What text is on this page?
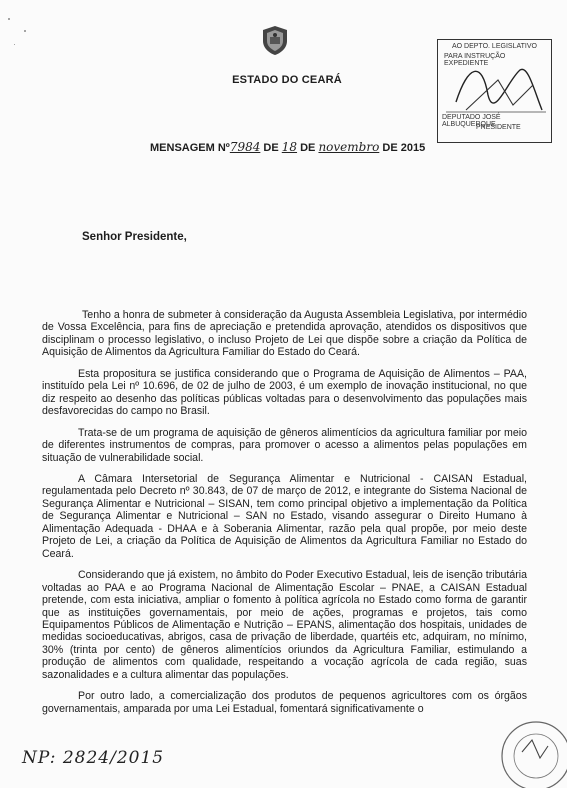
ESTADO DO CEARÁ
AO DEPTO. LEGISLATIVO
PARA INSTRUÇÃO EXPEDIENTE
DEPUTADO JOSÉ ALBUQUERQUE
PRESIDENTE
MENSAGEM Nº7984 DE 18 DE novembro DE 2015
Senhor Presidente,

Tenho a honra de submeter à consideração da Augusta Assembleia Legislativa, por intermédio de Vossa Excelência, para fins de apreciação e pretendida aprovação, atendidos os dispositivos que disciplinam o processo legislativo, o incluso Projeto de Lei que dispõe sobre a criação da Política de Aquisição de Alimentos da Agricultura Familiar do Estado do Ceará.

Esta propositura se justifica considerando que o Programa de Aquisição de Alimentos – PAA, instituído pela Lei nº 10.696, de 02 de julho de 2003, é um exemplo de inovação institucional, no que diz respeito ao desenho das políticas públicas voltadas para o desenvolvimento das populações mais desfavorecidas do campo no Brasil.

Trata-se de um programa de aquisição de gêneros alimentícios da agricultura familiar por meio de diferentes instrumentos de compras, para promover o acesso a alimentos pelas populações em situação de vulnerabilidade social.

A Câmara Intersetorial de Segurança Alimentar e Nutricional - CAISAN Estadual, regulamentada pelo Decreto nº 30.843, de 07 de março de 2012, e integrante do Sistema Nacional de Segurança Alimentar e Nutricional – SISAN, tem como principal objetivo a implementação da Política de Segurança Alimentar e Nutricional – SAN no Estado, visando assegurar o Direito Humano à Alimentação Adequada - DHAA e à Soberania Alimentar, razão pela qual propõe, por meio deste Projeto de Lei, a criação da Política de Aquisição de Alimentos da Agricultura Familiar no Estado do Ceará.

Considerando que já existem, no âmbito do Poder Executivo Estadual, leis de isenção tributária voltadas ao PAA e ao Programa Nacional de Alimentação Escolar – PNAE, a CAISAN Estadual pretende, com esta iniciativa, ampliar o fomento à política agrícola no Estado como forma de garantir que as instituições governamentais, por meio de ações, programas e projetos, tais como Equipamentos Públicos de Alimentação e Nutrição – EPANS, alimentação dos hospitais, unidades de medidas socioeducativas, abrigos, casa de privação de liberdade, quartéis etc, adquiram, no mínimo, 30% (trinta por cento) de gêneros alimentícios oriundos da Agricultura Familiar, estimulando a produção de alimentos com qualidade, respeitando a vocação agrícola de cada região, suas sazonalidades e a cultura alimentar das populações.

Por outro lado, a comercialização dos produtos de pequenos agricultores com os órgãos governamentais, amparada por uma Lei Estadual, fomentará significativamente o

NP: 2824/2015
